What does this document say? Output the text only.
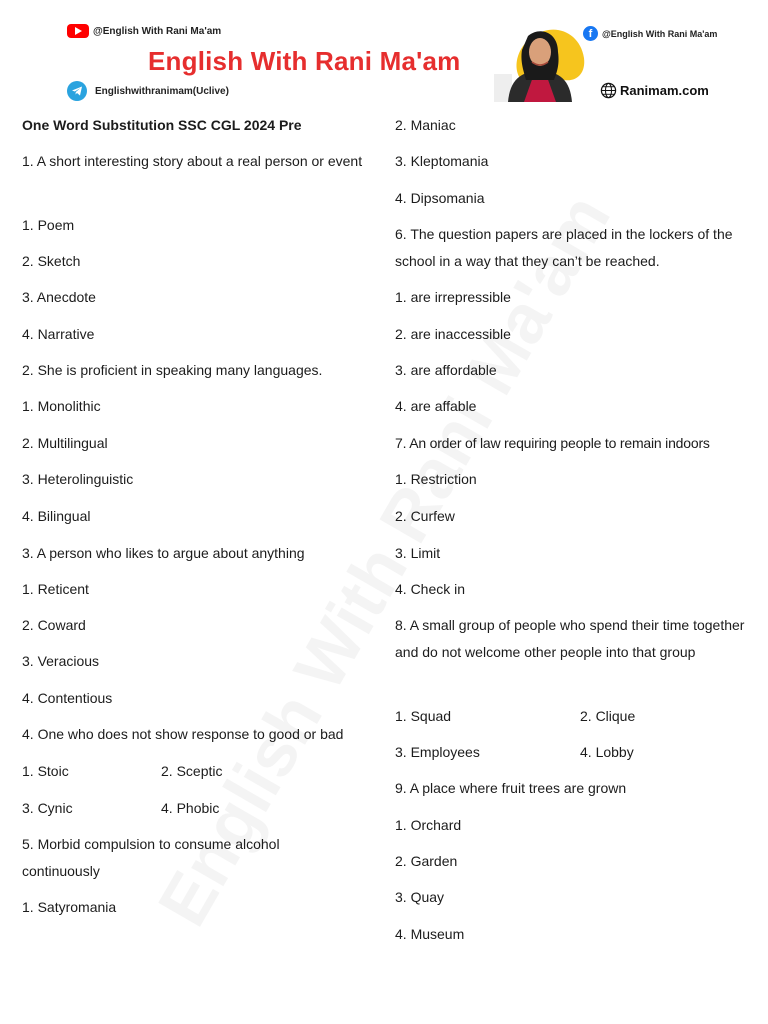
@English With Rani Ma'am	f	@English With Rani Ma'am
English With Rani Ma'am
Englishwithranimam(Uclive)	Ranimam.com
One Word Substitution SSC CGL 2024 Pre
1. A short interesting story about a real person or event
1. Poem
2. Sketch
3. Anecdote
4. Narrative
2. She is proficient in speaking many languages.
1. Monolithic
2. Multilingual
3. Heterolinguistic
4. Bilingual
3. A person who likes to argue about anything
1. Reticent
2. Coward
3. Veracious
4. Contentious
4. One who does not show response to good or bad
1. Stoic	2. Sceptic
3. Cynic	4. Phobic
5. Morbid compulsion to consume alcohol continuously
1. Satyromania
2. Maniac
3. Kleptomania
4. Dipsomania
6. The question papers are placed in the lockers of the school in a way that they can’t be reached.
1. are irrepressible
2. are inaccessible
3. are affordable
4. are affable
7. An order of law requiring people to remain indoors
1. Restriction
2. Curfew
3. Limit
4. Check in
8. A small group of people who spend their time together and do not welcome other people into that group
1. Squad	2. Clique
3. Employees	4. Lobby
9. A place where fruit trees are grown
1. Orchard
2. Garden
3. Quay
4. Museum
